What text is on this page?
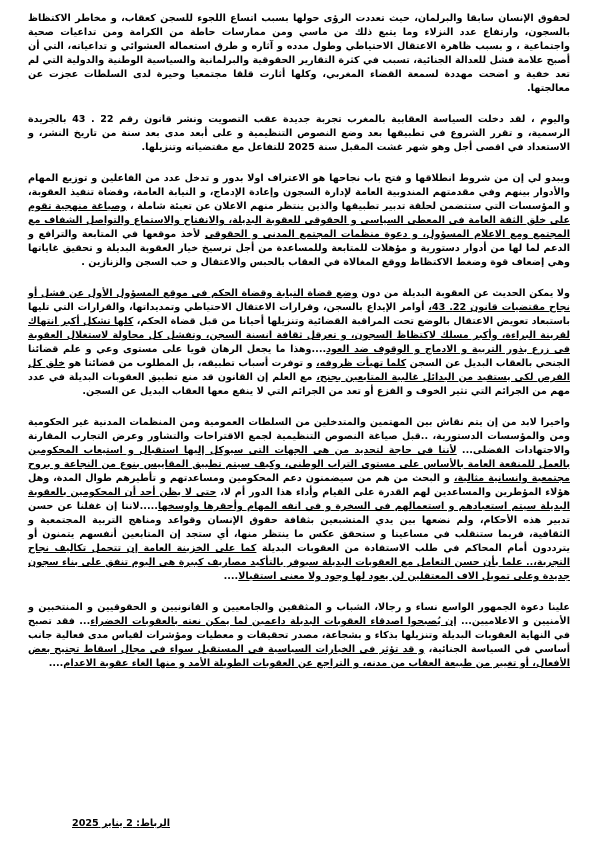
لحقوق الإنسان سابقا والبرلمان، حيث تعددت الرؤى حولها بسبب اتساع اللجوء للسجن كعقاب، و مخاطر الاكتظاظ بالسجون، وارتفاع عدد النزلاء وما يتبع ذلك من ماسي ومن ممارسات حاطة من الكرامة ومن تداعيات صحية واجتماعية ، و بسبب ظاهرة الاعتقال الاحتياطي وطول مدده و آثاره و طرق استعماله العشوائي و تداعياته، التي أن أصبح علامة فشل للعدالة الجنائية، تسبب في كثرة التقارير الحقوقية والبرلمانية والسياسية الوطنية والدولية التي لم تعد خفية و اضحت مهددة لسمعة القضاء المغربي، وكلها أثارت قلقا مجتمعيا وحيرة لدى السلطات عجزت عن معالجتها.

واليوم ، لقد دخلت السياسة العقابية بالمغرب تجربة جديدة عقب التصويت ونشر قانون رقم 22 . 43 بالجريدة الرسمية، و تقرر الشروع في تطبيقها بعد وضع النصوص التنظيمية و على أبعد مدى بعد سنة من تاريخ النشر، و الاستعداد في اقصى أجل وهو شهر غشت المقبل سنة 2025 للتفاعل مع مقتضياته وتنزيلها.

ويبدو لي إن من شروط انطلاقها و فتح باب نجاحها هو الاعتراف اولا بدور و تدخل عدد من الفاعلين و توزيع المهام والأدوار بينهم وفي مقدمتهم المندوبية العامة لإدارة السجون وإعادة الإدماج، و النيابة العامة، وقضاة تنفيذ العقوبة، و المؤسسات التي ستتضمن لحلقة تدبير تطبيقها والذين ينتظر منهم الاعلان عن تعبئة شاملة ، وصياغة منهجية تقوم على خلق الثقة العامة في المعطى السياسي و الحقوقي للعقوبة البديلة، والانفتاح والاستماع والتواصل الشفاف مع المجتمع ومع الاعلام المسؤول، و دعوة منظمات المجتمع المدني و الحقوقي لأخذ موقعها في المتابعة والترافع و الدعم لما لها من أدوار دستورية و مؤهلات للمتابعة وللمساعدة من أجل ترسيخ خيار العقوبة البديلة و تحقيق غاياتها وهي إضعاف قوة وضغط الاكتظاظ ووقع المغالاة في العقاب بالحبس والاعتقال و حب السجن والزنازين .

ولا يمكن الحديث عن العقوبة البديلة من دون وضع قضاة النيابة وقضاة الحكم في موقع المسؤول الأول عن فشل أو نجاح مقتضيات قانون 22. 43، أوامر الإيداع بالسجن، وقرارات الاعتقال الاحتياطي وتمديداتها، والقرارات التي تليها باستبعاد تعويض الاعتقال بالوضع تحت المراقبة القضائية وتنزيلها أحيانا من قبل قضاة الحكم، كلها تشكل أكبر انتهاك لقرينة البراءة، وأكبر مسلك لاكتظاظ السجون، و تعرقل ثقافة انسنة السجن، وتفشل كل محاولة لاستغلال العقوبة في زرع بذور التربية و الادماج و الوقوف ضد العود....وهذا ما يجعل الرهان قويا على مستوى وعي و علم قضائنا الجنحي بالعقاب البديل عن السجن كلما تهيأت ظروفه، و توفرت أسباب تطبيقه، بل المطلوب من قضائنا هو خلق كل الفرص لكي يستفيد من البدائل غالبية المتابعين بجنح، مع العلم إن القانون قد منع تطبيق العقوبات البديلة في عدد مهم من الجرائم التي تثير الخوف و الفزع أو تعد من الجرائم التي لا ينفع معها العقاب البديل عن السجن.

واخيرا لابد من إن يتم نقاش بين المهتمين والمتدخلين من السلطات العمومية ومن المنظمات المدنية غير الحكومية ومن والمؤسسات الدستورية، ..قبل صياغة النصوص التنظيمية لجمع الاقتراحات والتشاور وعرض التجارب المقارنة والاجتهادات الفضلى... لأننا في حاجة لتحديد من هي الجهات التي سيوكل إليها استقبال و استيعاب المحكومين بالعمل للمنفعة العامة بالأساس على مستوى التراب الوطني، وكيف سيتم تطبيق المقاييس بنوع من النجاعة و بروح مجتمعية وانسانية مثالية، و البحث من هم من سيضمنون دعم المحكومين ومساعدتهم و تأطيرهم طوال المدة، وهل هؤلاء المؤطرين والمساعدين لهم القدرة على القيام وأداء هذا الدور أم لا، حتى لا يظن أحد أن المحكومين بالعقوبة البديلة سيتم استعبادهم و استعمالهم في السخرة و في انفه المهام وأحقرها واوسخها.....لاننا إن غفلنا عن حسن تدبير هذه الأحكام، ولم نضعها بين يدي المتشبعين بثقافة حقوق الإنسان وقواعد ومناهج التربية المجتمعية و الثقافية، فربما ستنقلب في مساعينا و ستحقق عكس ما ينتظر منها، أي ستجد إن المتابعين أنفسهم يتمنون أو يترددون أمام المحاكم في طلب الاستفادة من العقوبات البديلة كما على الخزينة العامة إن تتحمل تكاليف نجاح التجربة،.. علما بأن حسن التعامل مع العقوبات البديلة سيوفر بالتأكيد مصاريف كبيرة هي اليوم تنفق على بناء سجون جديدة وعلى تمويل الاف المعتقلين لن يعود لها وجود ولا معنى استقبالا....

علينا دعوة الجمهور الواسع نساء و رجالا، الشباب و المثقفين والجامعيين و القانونيين و الحقوقيين و المنتخبين و الأمنيين و الاعلاميين... إن يُصبحوا اصدقاء العقوبات البديلة داعمين لما يمكن نعته بالعقوبات الخضراء... فقد تصبح في النهاية العقوبات البديلة وتنزيلها بذكاء و بشجاعة، مصدر تحقيقات و معطيات ومؤشرات لقياس مدى فعالية جانب أساسي في السياسة الجنائية، و قد تؤثر في الخيارات السياسية في المستقبل سواء في مجال اسقاط تجنيح بعض الأفعال، أو تغيير من طبيعة العقاب من مدنه، و التراجع عن العقوبات الطويلة الأمد و منها الغاء عقوبة الاعدام....

الرباط: 2 يناير 2025
